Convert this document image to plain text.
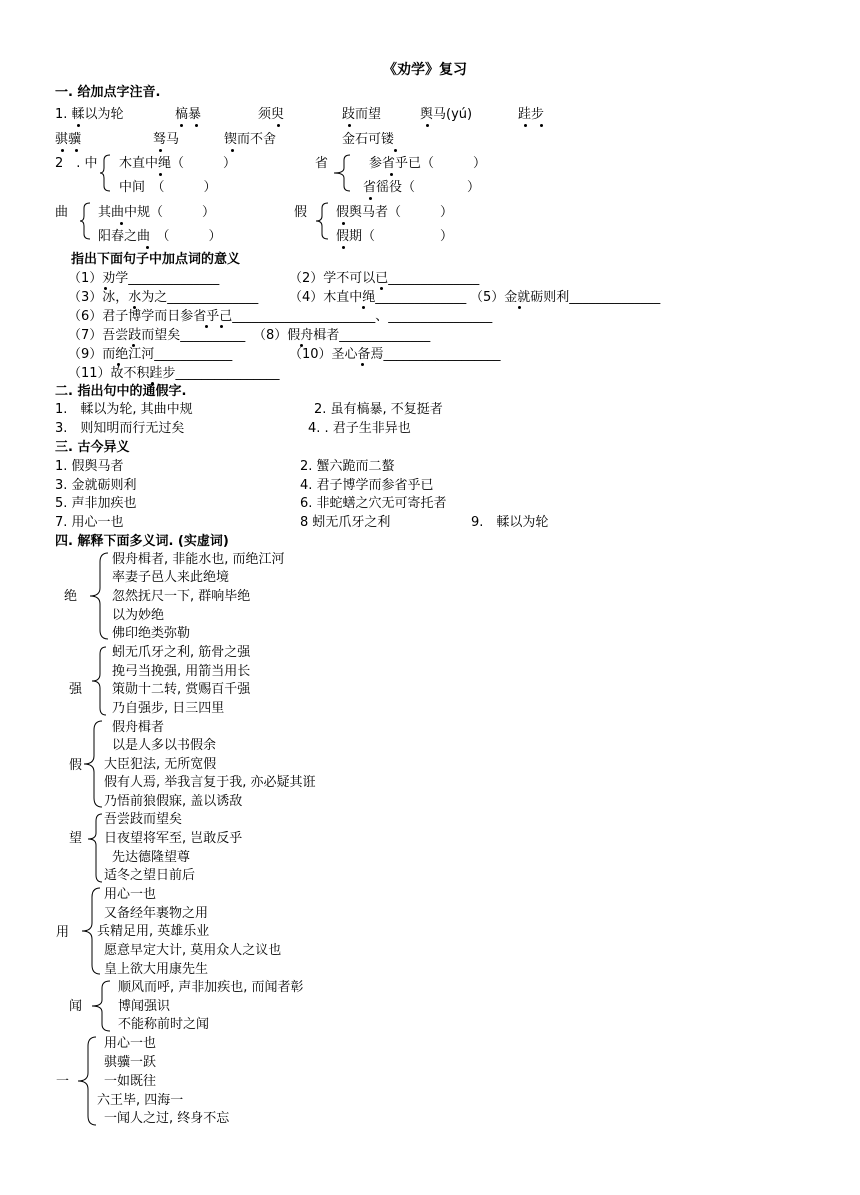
《劝学》复习
一. 给加点字注音.
1. 輮以为轮	槁暴	须臾	跂而望	舆马(yú)	跬步
骐骥	驽马	锲而不舍	金石可镂
2　. 中 木直中绳（　　　）
中间　（　　　）
省	参省乎已（　　　）
省徭役（　　　　）
曲 其曲中规（　　　）
阳春之曲　（　　　）
假 假舆马者（　　　）
假期（　　　　　）
指出下面句子中加点词的意义
（1）劝学______________	（2）学不可以已______________
（3）冰，水为之______________ （4）木直中绳______________ （5）金就砺则利______________
（6）君子博学而日参省乎己______________________、________________
（7）吾尝跂而望矣__________ （8）假舟楫者______________
（9）而绝江河____________	（10）圣心备焉__________________
（11）故不积跬步________________
二. 指出句中的通假字.
1.　輮以为轮, 其曲中规	2. 虽有槁暴, 不复挺者
3.　则知明而行无过矣	4. . 君子生非异也
三. 古今异义
1. 假舆马者	2. 蟹六跪而二螯
3. 金就砺则利	4. 君子博学而参省乎已
5. 声非加疾也	6. 非蛇蟮之穴无可寄托者
7. 用心一也	8 蚓无爪牙之利	9.　輮以为轮
四. 解释下面多义词. (实虚词)
绝
假舟楫者, 非能水也, 而绝江河
率妻子邑人来此绝境
忽然抚尺一下, 群响毕绝
以为妙绝
佛印绝类弥勒
强
蚓无爪牙之利, 筋骨之强
挽弓当挽强, 用箭当用长
策勋十二转, 赏赐百千强
乃自强步, 日三四里
假
假舟楫者
以是人多以书假余
大臣犯法, 无所宽假
假有人焉, 举我言复于我, 亦必疑其诳
乃悟前狼假寐, 盖以诱敌
望
吾尝跂而望矣
日夜望将军至, 岂敢反乎
先达德隆望尊
适冬之望日前后
用
用心一也
又备经年裹物之用
兵精足用, 英雄乐业
愿意早定大计, 莫用众人之议也
皇上欲大用康先生
闻
顺风而呼, 声非加疾也, 而闻者彰
博闻强识
不能称前时之闻
一
用心一也
骐骥一跃
一如既往
六王毕, 四海一
一闻人之过, 终身不忘
